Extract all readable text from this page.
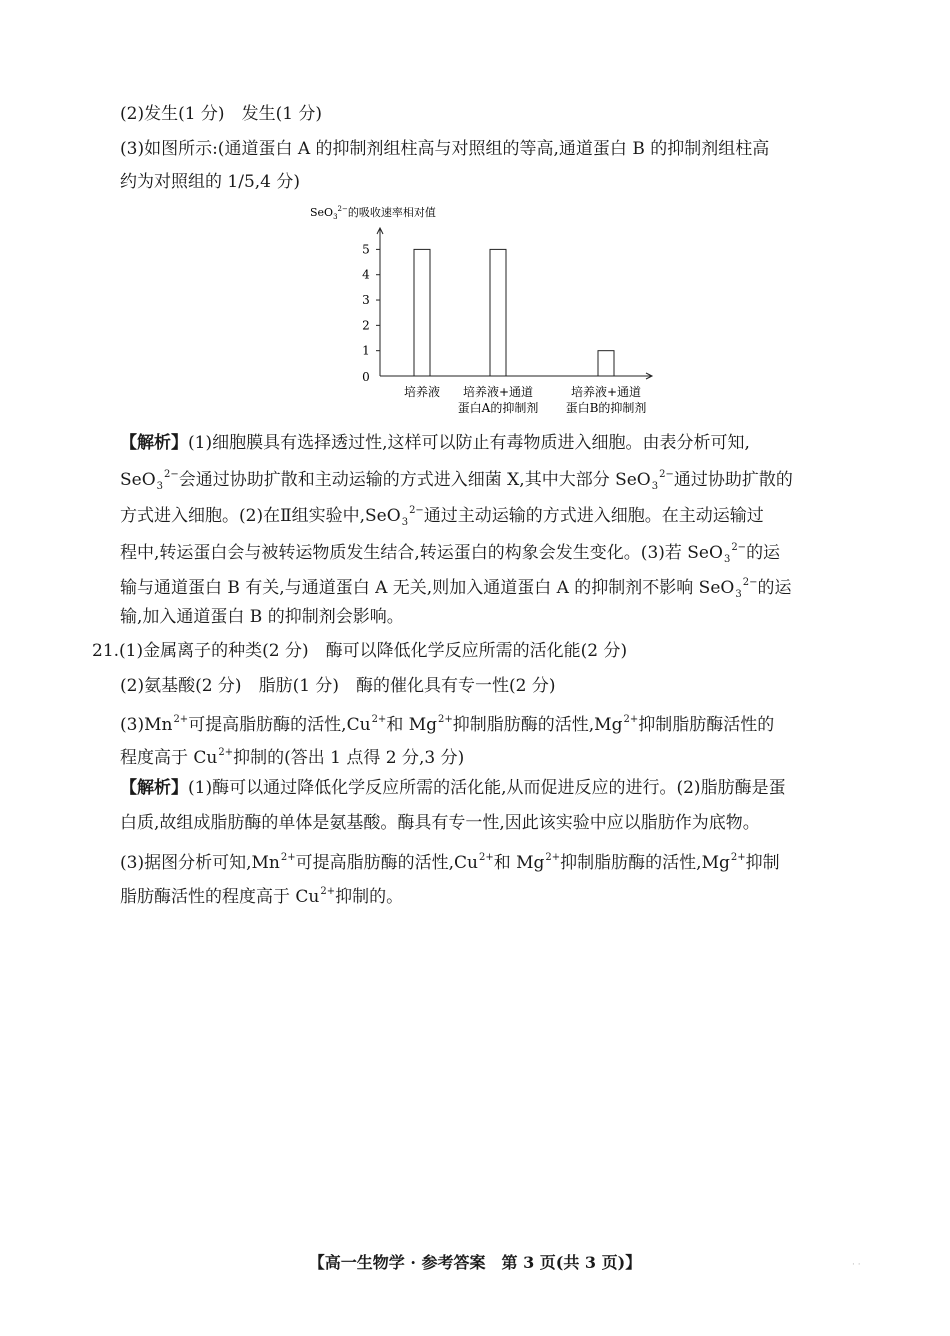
(2)发生(1 分)　发生(1 分)
(3)如图所示:(通道蛋白 A 的抑制剂组柱高与对照组的等高,通道蛋白 B 的抑制剂组柱高
约为对照组的 1/5,4 分)
SeO$_3^{2-}$的吸收速率相对值
0
1
2
3
4
5
培养液 培养液+通道
蛋白A的抑制剂
培养液+通道
蛋白B的抑制剂
【解析】(1)细胞膜具有选择透过性,这样可以防止有毒物质进入细胞。由表分析可知,
SeO$_3^{2-}$会通过协助扩散和主动运输的方式进入细菌 X,其中大部分 SeO$_3^{2-}$通过协助扩散的
方式进入细胞。(2)在Ⅱ组实验中,SeO$_3^{2-}$通过主动运输的方式进入细胞。在主动运输过
程中,转运蛋白会与被转运物质发生结合,转运蛋白的构象会发生变化。(3)若 SeO$_3^{2-}$的运
输与通道蛋白 B 有关,与通道蛋白 A 无关,则加入通道蛋白 A 的抑制剂不影响 SeO$_3^{2-}$的运
输,加入通道蛋白 B 的抑制剂会影响。
21.(1)金属离子的种类(2 分)　酶可以降低化学反应所需的活化能(2 分)
(2)氨基酸(2 分)　脂肪(1 分)　酶的催化具有专一性(2 分)
$(3)Mn^{2+}$可提高脂肪酶的活性$,Cu^{2+}$和 $Mg^{2+}$抑制脂肪酶的活性$,Mg^{2+}$抑制脂肪酶活性的
程度高于 $Cu^{2+}$抑制的(答出 1 点得 2 分,3 分)
【解析】(1)酶可以通过降低化学反应所需的活化能,从而促进反应的进行。(2)脂肪酶是蛋
白质,故组成脂肪酶的单体是氨基酸。酶具有专一性,因此该实验中应以脂肪作为底物。
(3)据图分析可知$,Mn^{2+}$可提高脂肪酶的活性$,Cu^{2+}$和 $Mg^{2+}$抑制脂肪酶的活性$,Mg^{2+}$抑制
脂肪酶活性的程度高于 $Cu^{2+}$抑制的。
【高一生物学 · 参考答案　第 3 页(共 3 页)】	· ·
